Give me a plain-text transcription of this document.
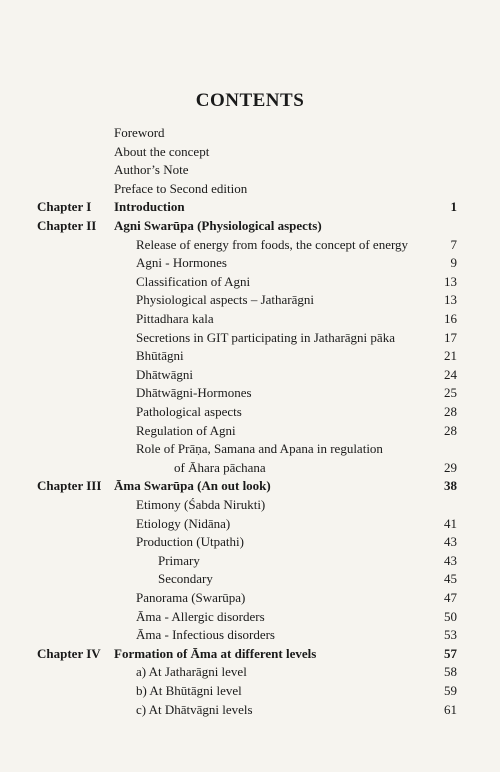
CONTENTS
Foreword
About the concept
Author’s Note
Preface to Second edition
Chapter I Introduction	1
Chapter II Agni Swarūpa (Physiological aspects)
Release of energy from foods, the concept of energy	7
Agni - Hormones	9
Classification of Agni	13
Physiological aspects – Jatharāgni	13
Pittadhara kala	16
Secretions in GIT participating in Jatharāgni pāka	17
Bhūtāgni	21
Dhātwāgni	24
Dhātwāgni-Hormones	25
Pathological aspects	28
Regulation of Agni	28
Role of Prāṇa, Samana and Apana in regulation
of Āhara pāchana	29
Chapter III Āma Swarūpa (An out look)	38
Etimony (Śabda Nirukti)
Etiology (Nidāna)	41
Production (Utpathi)	43
Primary	43
Secondary	45
Panorama (Swarūpa)	47
Āma - Allergic disorders	50
Āma - Infectious disorders	53
Chapter IV Formation of Āma at different levels	57
a) At Jatharāgni level	58
b) At Bhūtāgni level	59
c) At Dhātvāgni levels	61
